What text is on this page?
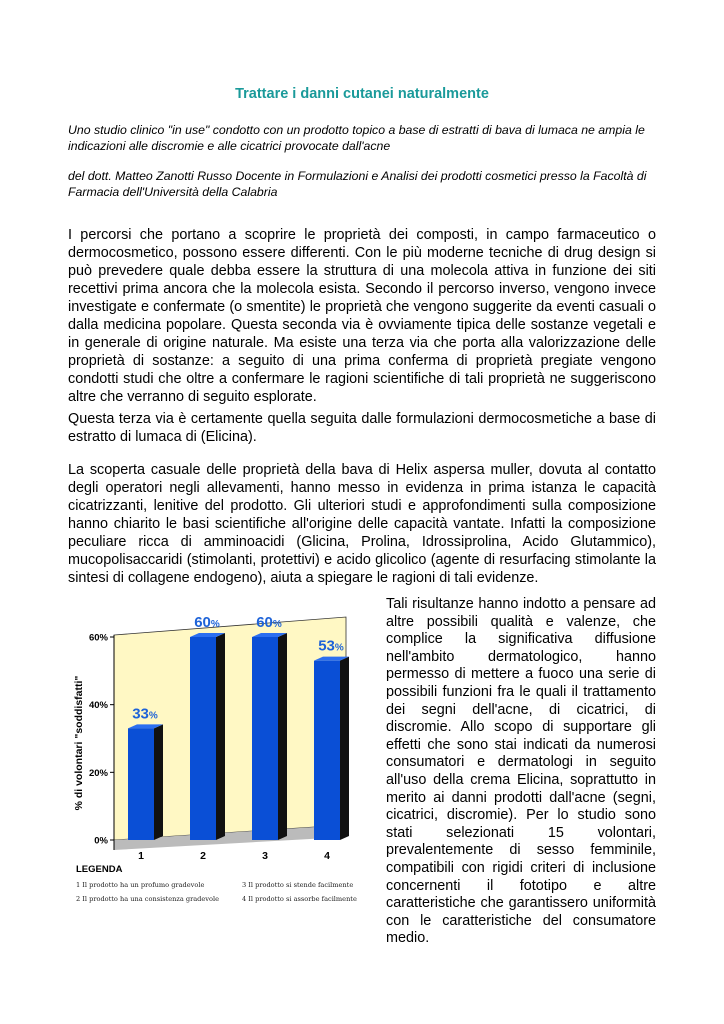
Trattare i danni cutanei naturalmente
Uno studio clinico "in use" condotto con un prodotto topico a base di estratti di bava di lumaca ne ampia le indicazioni alle discromie e alle cicatrici provocate dall'acne
del dott. Matteo Zanotti Russo Docente in Formulazioni e Analisi dei prodotti cosmetici presso la Facoltà di Farmacia dell'Università della Calabria
I percorsi che portano a scoprire le proprietà dei composti, in campo farmaceutico o dermocosmetico, possono essere differenti. Con le più moderne tecniche di drug design si può prevedere quale debba essere la struttura di una molecola attiva in funzione dei siti recettivi prima ancora che la molecola esista. Secondo il percorso inverso, vengono invece investigate e confermate (o smentite) le proprietà che vengono suggerite da eventi casuali o dalla medicina popolare. Questa seconda via è ovviamente tipica delle sostanze vegetali e in generale di origine naturale. Ma esiste una terza via che porta alla valorizzazione delle proprietà di sostanze: a seguito di una prima conferma di proprietà pregiate vengono condotti studi che oltre a confermare le ragioni scientifiche di tali proprietà ne suggeriscono altre che verranno di seguito esplorate.
Questa terza via è certamente quella seguita dalle formulazioni dermocosmetiche a base di estratto di lumaca di (Elicina).
La scoperta casuale delle proprietà della bava di Helix aspersa muller, dovuta al contatto degli operatori negli allevamenti, hanno messo in evidenza in prima istanza le capacità cicatrizzanti, lenitive del prodotto. Gli ulteriori studi e approfondimenti sulla composizione hanno chiarito le basi scientifiche all'origine delle capacità vantate. Infatti la composizione peculiare ricca di amminoacidi (Glicina, Prolina, Idrossiprolina, Acido Glutammico), mucopolisaccaridi (stimolanti, protettivi) e acido glicolico (agente di resurfacing stimolante la sintesi di collagene endogeno), aiuta a spiegare le ragioni di tali evidenze.
0%
20%
40%
60%
33%
60% 60%
53%
1	2	3	4
% di volontari "soddisfatti"
LEGENDA
1 Il prodotto ha un profumo gradevole
2 Il prodotto ha una consistenza gradevole
3 Il prodotto si stende facilmente
4 Il prodotto si assorbe facilmente
Tali risultanze hanno indotto a pensare ad altre possibili qualità e valenze, che complice la significativa diffusione nell'ambito dermatologico, hanno permesso di mettere a fuoco una serie di possibili funzioni fra le quali il trattamento dei segni dell'acne, di cicatrici, di discromie. Allo scopo di supportare gli effetti che sono stai indicati da numerosi consumatori e dermatologi in seguito all'uso della crema Elicina, soprattutto in merito ai danni prodotti dall'acne (segni, cicatrici, discromie). Per lo studio sono stati selezionati 15 volontari, prevalentemente di sesso femminile, compatibili con rigidi criteri di inclusione concernenti il fototipo e altre caratteristiche che garantissero uniformità con le caratteristiche del consumatore medio.
